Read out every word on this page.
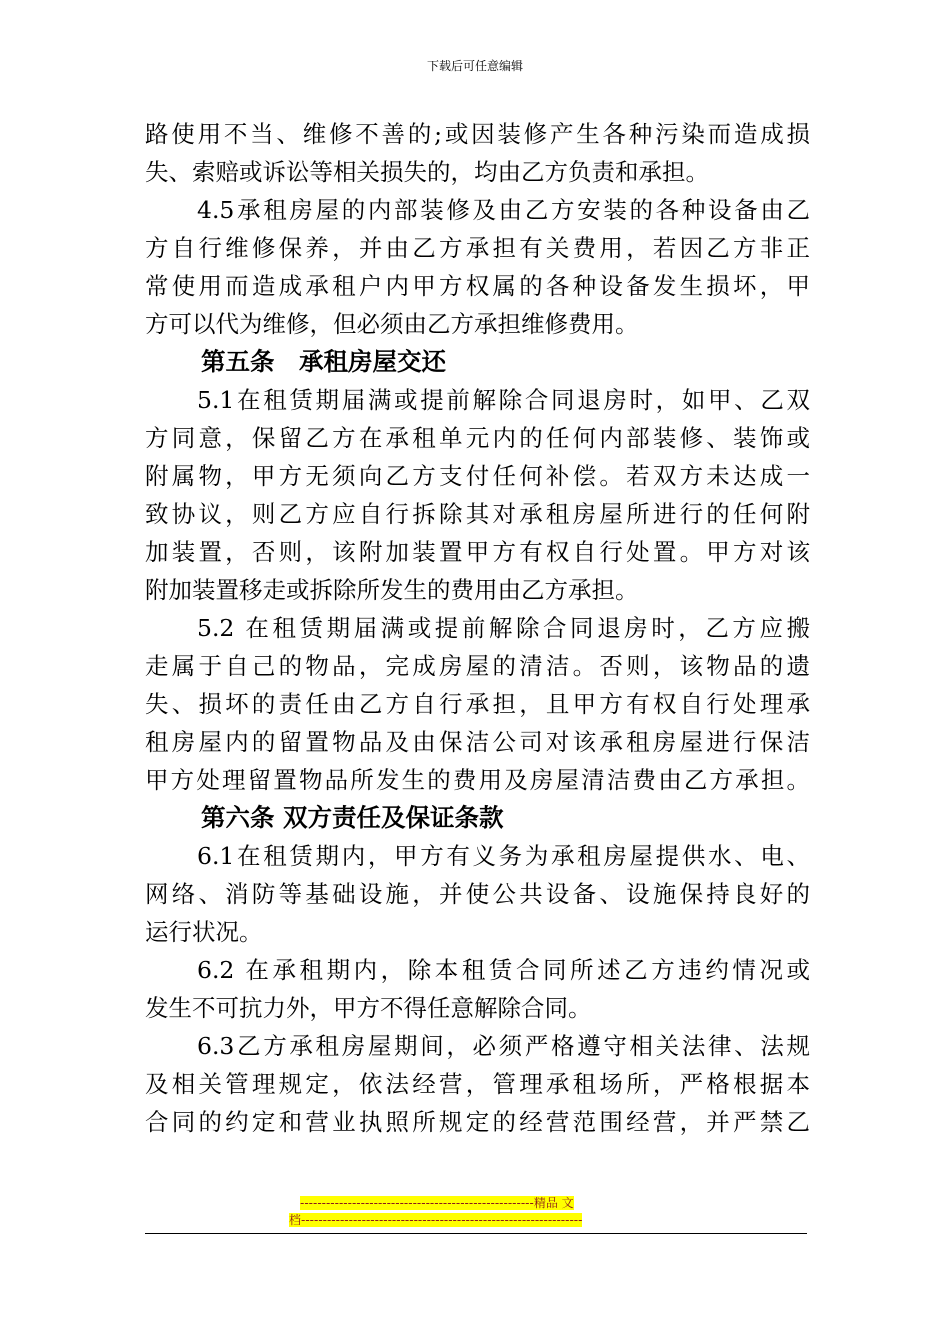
下载后可任意编辑
路使用不当、维修不善的;或因装修产生各种污染而造成损
失、索赔或诉讼等相关损失的，均由乙方负责和承担。
4.5承租房屋的内部装修及由乙方安装的各种设备由乙
方自行维修保养，并由乙方承担有关费用，若因乙方非正
常使用而造成承租户内甲方权属的各种设备发生损坏，甲
方可以代为维修，但必须由乙方承担维修费用。
第五条　承租房屋交还
5.1在租赁期届满或提前解除合同退房时，如甲、乙双
方同意，保留乙方在承租单元内的任何内部装修、装饰或
附属物，甲方无须向乙方支付任何补偿。若双方未达成一
致协议，则乙方应自行拆除其对承租房屋所进行的任何附
加装置，否则，该附加装置甲方有权自行处置。甲方对该
附加装置移走或拆除所发生的费用由乙方承担。
5.2 在租赁期届满或提前解除合同退房时，乙方应搬
走属于自己的物品，完成房屋的清洁。否则，该物品的遗
失、损坏的责任由乙方自行承担，且甲方有权自行处理承
租房屋内的留置物品及由保洁公司对该承租房屋进行保洁
甲方处理留置物品所发生的费用及房屋清洁费由乙方承担。
第六条 双方责任及保证条款
6.1在租赁期内，甲方有义务为承租房屋提供水、电、
网络、消防等基础设施，并使公共设备、设施保持良好的
运行状况。
6.2 在承租期内，除本租赁合同所述乙方违约情况或
发生不可抗力外，甲方不得任意解除合同。
6.3乙方承租房屋期间，必须严格遵守相关法律、法规
及相关管理规定，依法经营，管理承租场所，严格根据本
合同的约定和营业执照所规定的经营范围经营，并严禁乙
------------------------------------------------------精品 文
档-----------------------------------------------------------------
